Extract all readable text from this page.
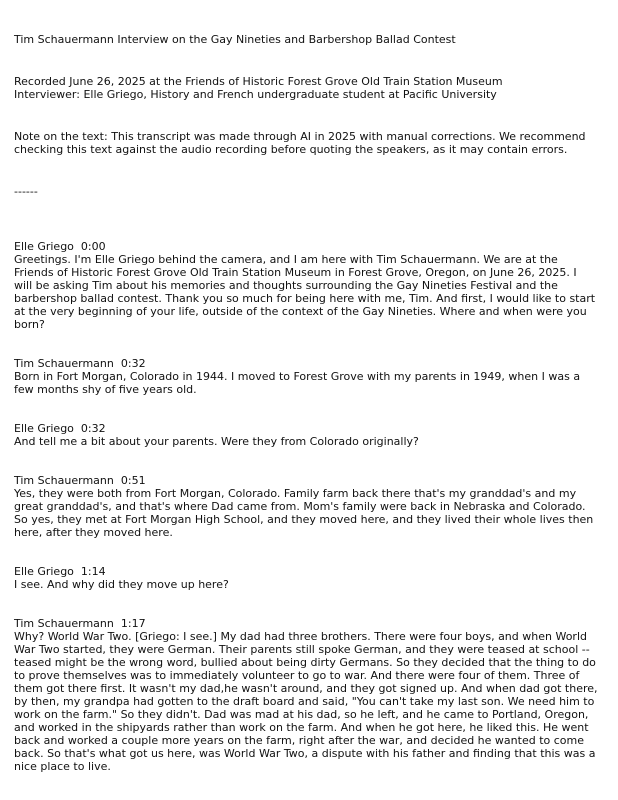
Tim Schauermann Interview on the Gay Nineties and Barbershop Ballad Contest

Recorded June 26, 2025 at the Friends of Historic Forest Grove Old Train Station Museum

Interviewer: Elle Griego, History and French undergraduate student at Pacific University

Note on the text: This transcript was made through AI in 2025 with manual corrections. We recommend checking this text against the audio recording before quoting the speakers, as it may contain errors.

------

Elle Griego 0:00

Greetings. I'm Elle Griego behind the camera, and I am here with Tim Schauermann. We are at the Friends of Historic Forest Grove Old Train Station Museum in Forest Grove, Oregon, on June 26, 2025. I will be asking Tim about his memories and thoughts surrounding the Gay Nineties Festival and the barbershop ballad contest. Thank you so much for being here with me, Tim. And first, I would like to start at the very beginning of your life, outside of the context of the Gay Nineties. Where and when were you born?

Tim Schauermann 0:32

Born in Fort Morgan, Colorado in 1944. I moved to Forest Grove with my parents in 1949, when I was a few months shy of five years old.

Elle Griego 0:32

And tell me a bit about your parents. Were they from Colorado originally?

Tim Schauermann 0:51

Yes, they were both from Fort Morgan, Colorado. Family farm back there that's my granddad's and my great granddad's, and that's where Dad came from. Mom's family were back in Nebraska and Colorado. So yes, they met at Fort Morgan High School, and they moved here, and they lived their whole lives then here, after they moved here.

Elle Griego 1:14

I see. And why did they move up here?

Tim Schauermann 1:17

Why? World War Two. [Griego: I see.] My dad had three brothers. There were four boys, and when World War Two started, they were German. Their parents still spoke German, and they were teased at school -- teased might be the wrong word, bullied about being dirty Germans. So they decided that the thing to do to prove themselves was to immediately volunteer to go to war. And there were four of them. Three of them got there first. It wasn't my dad,he wasn't around, and they got signed up. And when dad got there, by then, my grandpa had gotten to the draft board and said, "You can't take my last son. We need him to work on the farm." So they didn't. Dad was mad at his dad, so he left, and he came to Portland, Oregon, and worked in the shipyards rather than work on the farm. And when he got here, he liked this. He went back and worked a couple more years on the farm, right after the war, and decided he wanted to come back. So that's what got us here, was World War Two, a dispute with his father and finding that this was a nice place to live.
